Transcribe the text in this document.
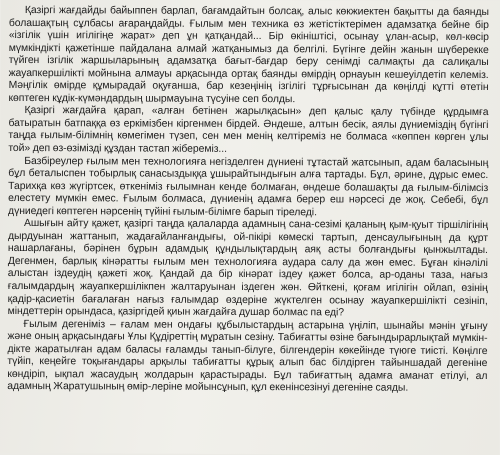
Қазіргі жағдайды байыппен барлап, бағамдайтын болсақ, алыс көкжиектен бақытты да баянды болашақтың сұлбасы ағараңдайды. Ғылым мен техника өз жетістіктерімен адамзатқа бейне бір «ізгілік үшін игілігіңе жарат» деп ұн қатқандай... Бір өкініштісі, осынау ұлан-асыр, көл-көсір мүмкіндікті қажетінше пайдалана алмай жатқанымыз да белгілі. Бүгінге дейін жанын шүберекке түйген ізгілік жаршыларының адамзатқа бағыт-бағдар беру сенімді салмақты да салиқалы жауапкершілікті мойнына алмауы арқасында ортақ баянды өмірдің орнауын кешеуілдетіп келеміз. Мәңгілік өмірде құмырадай оқуғанша, бар кезеңінің ізгілігі тұрғысынан да көңілді кұтті өтетін көптеген кұдік-күмәндардың шырмауына түсуіне сеп болды.

Қазіргі жағдайға қарап, «алған бетінен жарылқасын» деп қалыс қалу түбінде құрдымға батыратын батпаққа өз еркімізбен кіргенмен бірдей. Әндеше, алтын бесік, аялы дүниеміздің бүгінгі таңда ғылым-білімнің көмегімен түзеп, сен мен менің келтіреміз не болмаса «көппен көрген ұлы той» деп өз-өзімізді құздан тастап жібереміз...

Базбіреулер ғылым мен технологияға негізделген дүниені тұтастай жатсынып, адам баласының бұл беталыспен тобырлық санасыздыққа ұшырайтындығын алға тартады. Бұл, әрине, дұрыс емес. Тарихқа көз жүгіртсек, өткеніміз ғылымнан кенде болмаған, өндеше болашақты да ғылым-білімсіз елестету мүмкін емес. Ғылым болмаса, дүниенің адамға берер еш нәрсесі де жоқ. Себебі, бұл дүниедегі көптеген нәрсенің түйіні ғылым-білімге барып тіреледі.

Ашығын айту қажет, қазіргі таңда қалаларда адамның сана-сезімі қаланың қым-қуыт тіршілігінің дырдуынан жаттанып, жадағайланғандығы, ой-пікірі көмескі тартып, денсаулығының да құрт нашарлағаны, бәрінен бұрын адамдық құндылықтардың аяқ асты болғандығы қынжылтады. Дегенмен, барлық кінәратты ғылым мен технологияға аудара салу да жөн емес. Бұған кінәлілі алыстан іздеудің қажеті жоқ. Қандай да бір кінәрат іздеу қажет болса, ар-оданы таза, нағыз ғалымдардың жауапкершілікпен жалтаруынан іздеген жөн. Өйткені, қоғам игілігін ойлап, өзінің қадір-қасиетін бағалаған нағыз ғалымдар өздеріне жүктелген осынау жауапкершілікті сезініп, міндеттерін орындаса, қазіргідей қиын жағдайға душар болмас па еді?

Ғылым дегеніміз – ғалам мен ондағы құбылыстардың астарына үңіліп, шынайы мәнін ұғыну және оның арқасындағы Ұлы Құдіреттің мұратын сезіну. Табиғатты өзіне бағындырарлықтай мүмкін-дікте жаратылған адам баласы ғаламды танып-білуге, білгендерін көкейінде түюге тиісті. Көңілге түйіп, кеңейге тоқығандары арқылы табиғатты құрық алып бас білдірген тайыншадай дегеніне көндіріп, ықпал жасаудың жолдарын қарастырады. Бұл табиғаттың адамға аманат етілуі, ал адамның Жаратушының өмір-леріне мойынсұнып, құл екенінсезінуі дегеніне саяды.
